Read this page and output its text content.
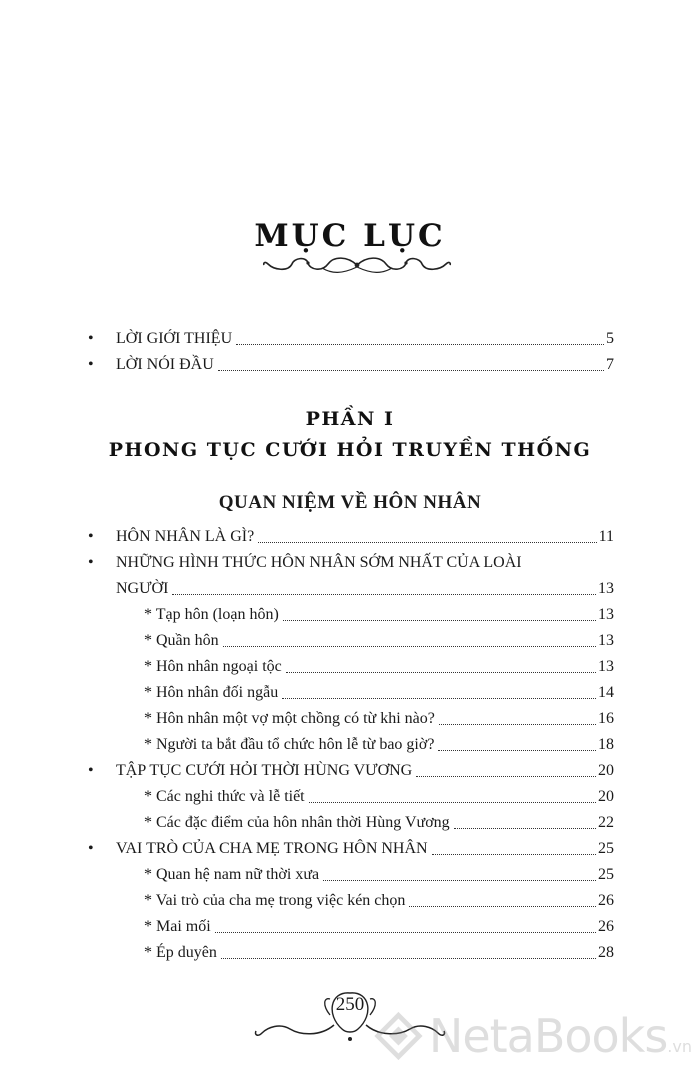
MỤC LỤC
•	LỜI GIỚI THIỆU	5
•	LỜI NÓI ĐẦU	7
PHẦN I
PHONG TỤC CƯỚI HỎI TRUYỀN THỐNG
QUAN NIỆM VỀ HÔN NHÂN
•	HÔN NHÂN LÀ GÌ?	11
•	NHỮNG HÌNH THỨC HÔN NHÂN SỚM NHẤT CỦA LOÀI
NGƯỜI	13
* Tạp hôn (loạn hôn)	13
* Quần hôn	13
* Hôn nhân ngoại tộc	13
* Hôn nhân đối ngẫu	14
* Hôn nhân một vợ một chồng có từ khi nào?	16
* Người ta bắt đầu tổ chức hôn lễ từ bao giờ?	18
•	TẬP TỤC CƯỚI HỎI THỜI HÙNG VƯƠNG	20
* Các nghi thức và lễ tiết	20
* Các đặc điểm của hôn nhân thời Hùng Vương	22
•	VAI TRÒ CỦA CHA MẸ TRONG HÔN NHÂN	25
* Quan hệ nam nữ thời xưa	25
* Vai trò của cha mẹ trong việc kén chọn	26
* Mai mối	26
* Ép duyên	28
250
NetaBooks .vn
